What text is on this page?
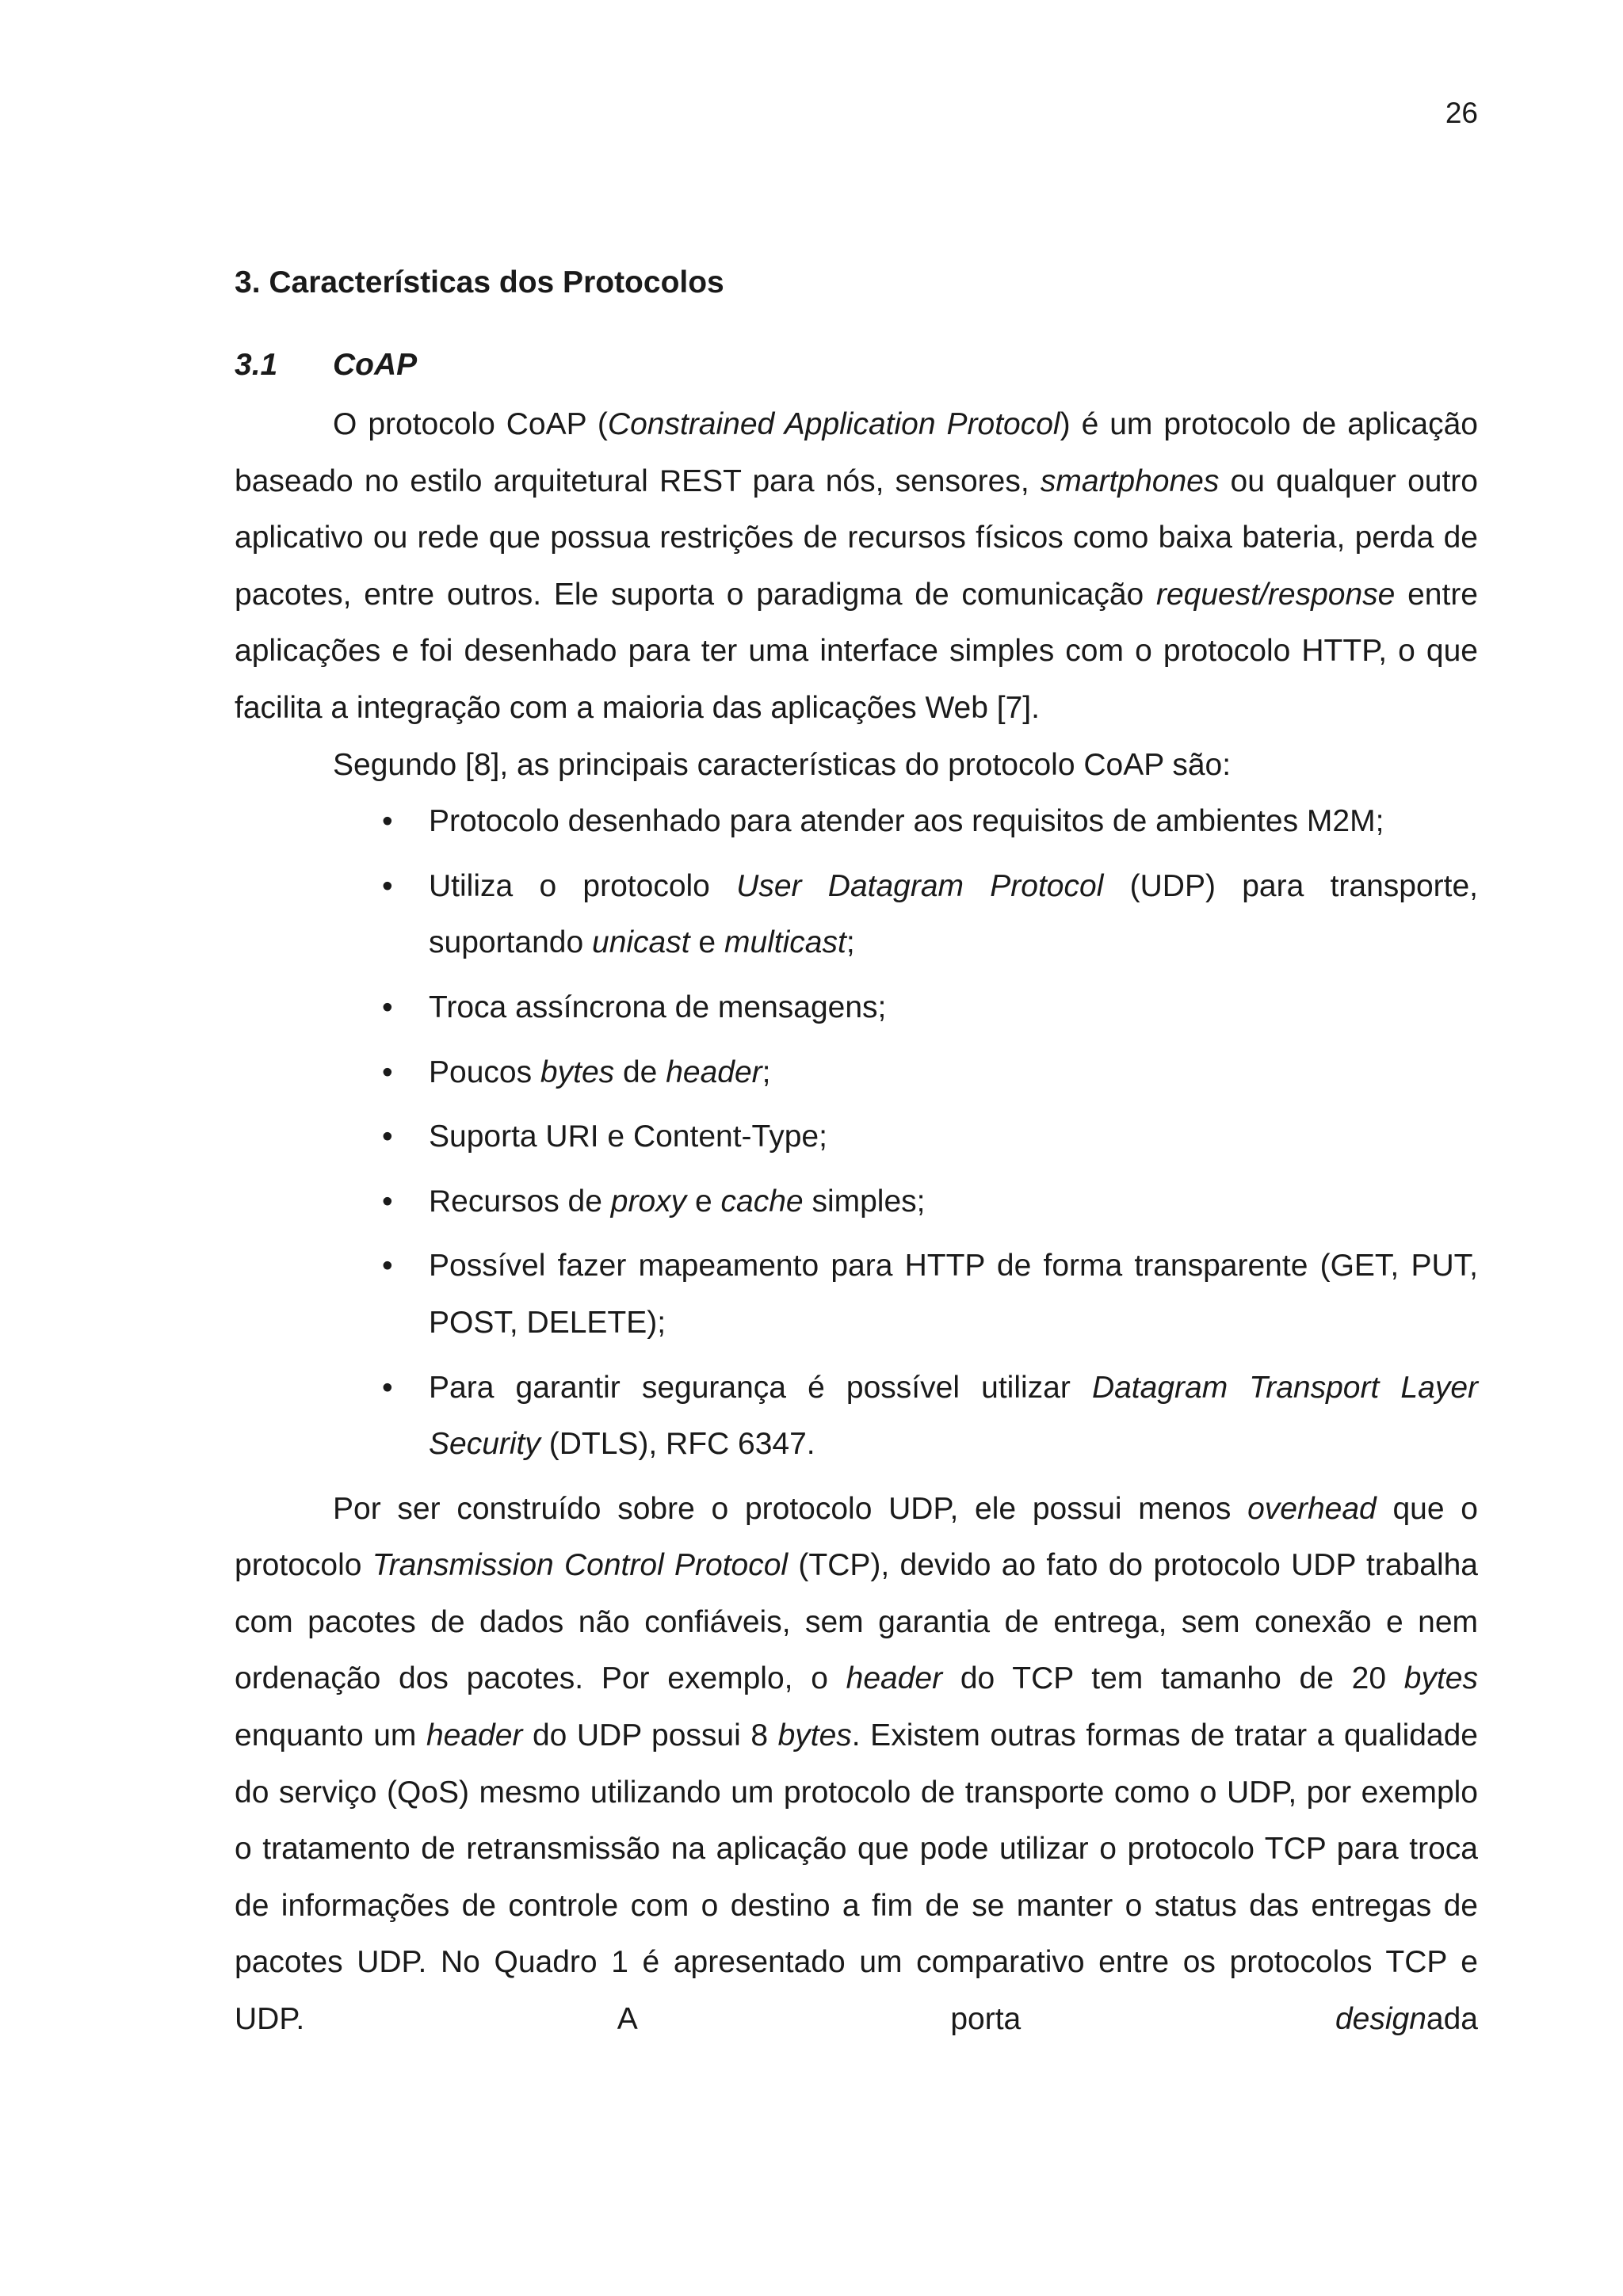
26
3. Características dos Protocolos
3.1	CoAP

O protocolo CoAP (Constrained Application Protocol) é um protocolo de aplicação baseado no estilo arquitetural REST para nós, sensores, smartphones ou qualquer outro aplicativo ou rede que possua restrições de recursos físicos como baixa bateria, perda de pacotes, entre outros. Ele suporta o paradigma de comunicação request/response entre aplicações e foi desenhado para ter uma interface simples com o protocolo HTTP, o que facilita a integração com a maioria das aplicações Web [7].

Segundo [8], as principais características do protocolo CoAP são:

• Protocolo desenhado para atender aos requisitos de ambientes M2M;
• Utiliza o protocolo User Datagram Protocol (UDP) para transporte, suportando unicast e multicast;
• Troca assíncrona de mensagens;
• Poucos bytes de header;
• Suporta URI e Content-Type;
• Recursos de proxy e cache simples;
• Possível fazer mapeamento para HTTP de forma transparente (GET, PUT, POST, DELETE);
• Para garantir segurança é possível utilizar Datagram Transport Layer Security (DTLS), RFC 6347.

Por ser construído sobre o protocolo UDP, ele possui menos overhead que o protocolo Transmission Control Protocol (TCP), devido ao fato do protocolo UDP trabalha com pacotes de dados não confiáveis, sem garantia de entrega, sem conexão e nem ordenação dos pacotes. Por exemplo, o header do TCP tem tamanho de 20 bytes enquanto um header do UDP possui 8 bytes. Existem outras formas de tratar a qualidade do serviço (QoS) mesmo utilizando um protocolo de transporte como o UDP, por exemplo o tratamento de retransmissão na aplicação que pode utilizar o protocolo TCP para troca de informações de controle com o destino a fim de se manter o status das entregas de pacotes UDP. No Quadro 1 é apresentado um comparativo entre os protocolos TCP e UDP. A porta designada
